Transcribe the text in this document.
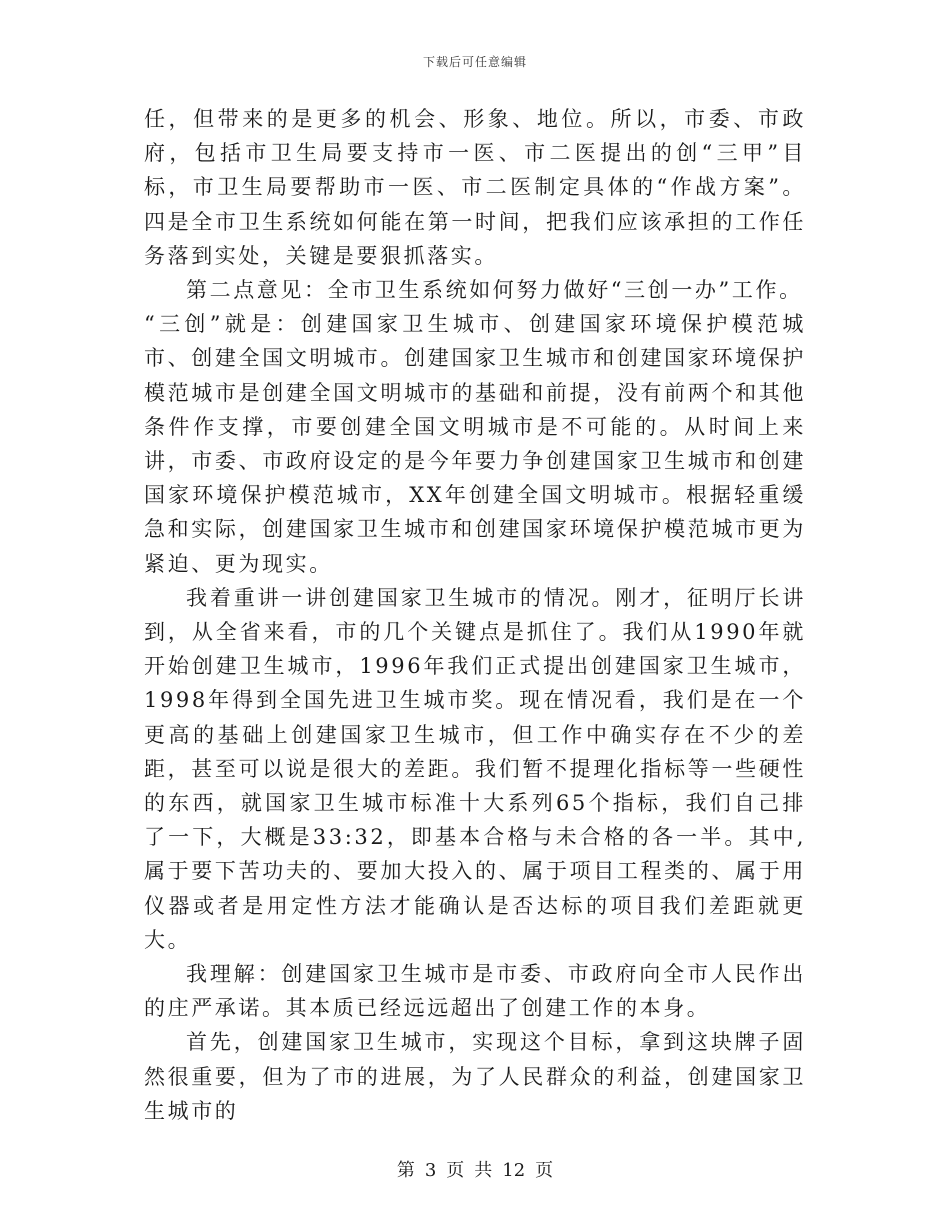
下载后可任意编辑

任，但带来的是更多的机会、形象、地位。所以，市委、市政府，包括市卫生局要支持市一医、市二医提出的创“三甲”目标，市卫生局要帮助市一医、市二医制定具体的“作战方案”。四是全市卫生系统如何能在第一时间，把我们应该承担的工作任务落到实处，关键是要狠抓落实。

第二点意见：全市卫生系统如何努力做好“三创一办”工作。

“三创”就是：创建国家卫生城市、创建国家环境保护模范城市、创建全国文明城市。创建国家卫生城市和创建国家环境保护模范城市是创建全国文明城市的基础和前提，没有前两个和其他条件作支撑，市要创建全国文明城市是不可能的。从时间上来讲，市委、市政府设定的是今年要力争创建国家卫生城市和创建国家环境保护模范城市，XX年创建全国文明城市。根据轻重缓急和实际，创建国家卫生城市和创建国家环境保护模范城市更为紧迫、更为现实。

我着重讲一讲创建国家卫生城市的情况。刚才，征明厅长讲到，从全省来看，市的几个关键点是抓住了。我们从1990年就开始创建卫生城市，1996年我们正式提出创建国家卫生城市，1998年得到全国先进卫生城市奖。现在情况看，我们是在一个更高的基础上创建国家卫生城市，但工作中确实存在不少的差距，甚至可以说是很大的差距。我们暂不提理化指标等一些硬性的东西，就国家卫生城市标准十大系列65个指标，我们自己排了一下，大概是33:32，即基本合格与未合格的各一半。其中,属于要下苦功夫的、要加大投入的、属于项目工程类的、属于用仪器或者是用定性方法才能确认是否达标的项目我们差距就更大。

我理解：创建国家卫生城市是市委、市政府向全市人民作出的庄严承诺。其本质已经远远超出了创建工作的本身。

首先，创建国家卫生城市，实现这个目标，拿到这块牌子固然很重要，但为了市的进展，为了人民群众的利益，创建国家卫生城市的

第 3 页 共 12 页
